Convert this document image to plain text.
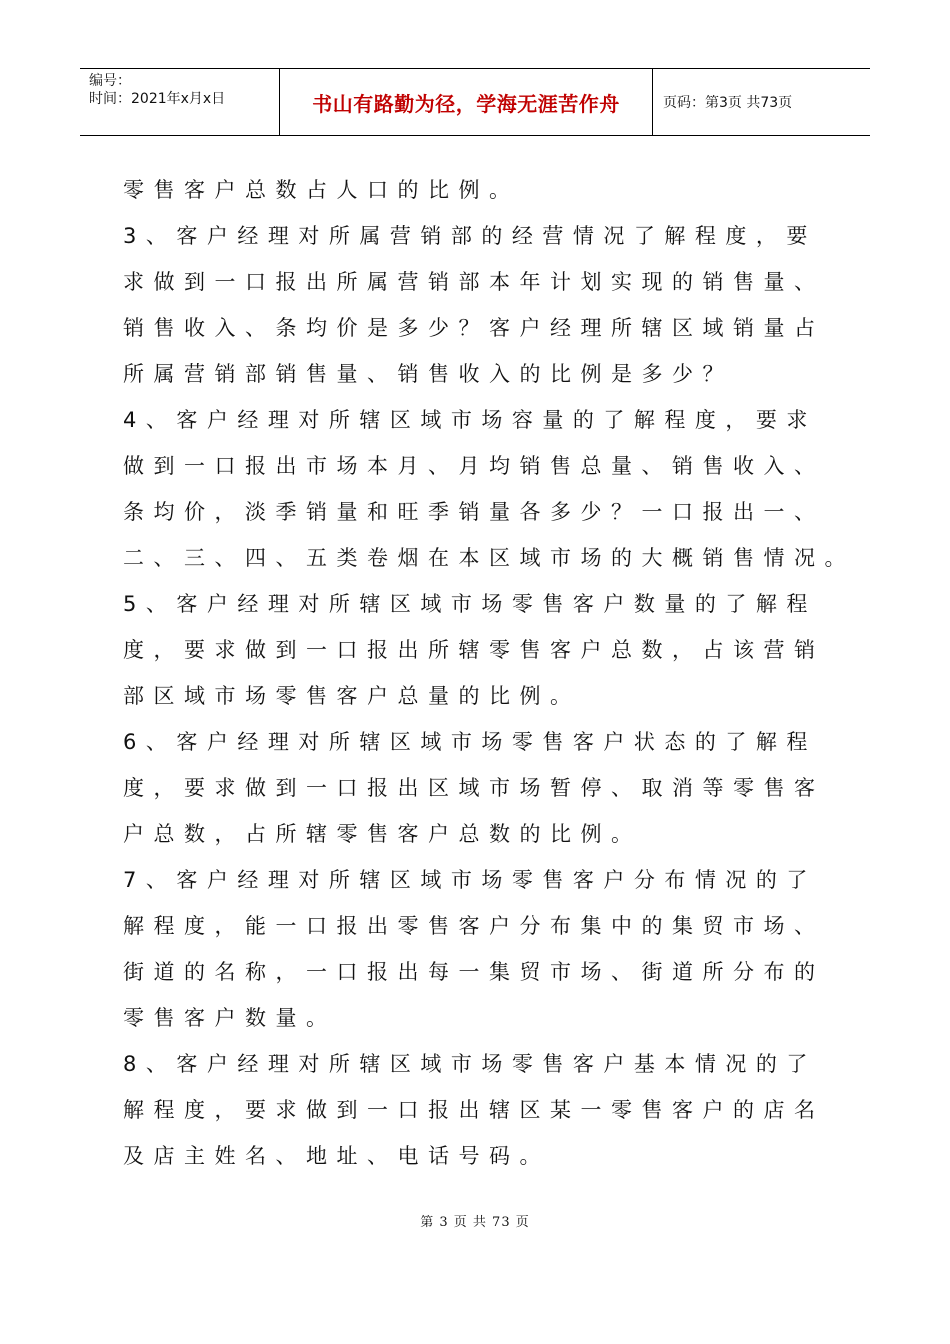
编号：
时间：2021年x月x日	书山有路勤为径，学海无涯苦作舟	页码：第3页 共73页

零售客户总数占人口的比例。

3、客户经理对所属营销部的经营情况了解程度，要

求做到一口报出所属营销部本年计划实现的销售量、

销售收入、条均价是多少？客户经理所辖区域销量占

所属营销部销售量、销售收入的比例是多少？

4、客户经理对所辖区域市场容量的了解程度，要求

做到一口报出市场本月、月均销售总量、销售收入、

条均价，淡季销量和旺季销量各多少？一口报出一、

二、三、四、五类卷烟在本区域市场的大概销售情况。

5、客户经理对所辖区域市场零售客户数量的了解程

度，要求做到一口报出所辖零售客户总数，占该营销

部区域市场零售客户总量的比例。

6、客户经理对所辖区域市场零售客户状态的了解程

度，要求做到一口报出区域市场暂停、取消等零售客

户总数，占所辖零售客户总数的比例。

7、客户经理对所辖区域市场零售客户分布情况的了

解程度，能一口报出零售客户分布集中的集贸市场、

街道的名称，一口报出每一集贸市场、街道所分布的

零售客户数量。

8、客户经理对所辖区域市场零售客户基本情况的了

解程度，要求做到一口报出辖区某一零售客户的店名

及店主姓名、地址、电话号码。

第 3 页 共 73 页
